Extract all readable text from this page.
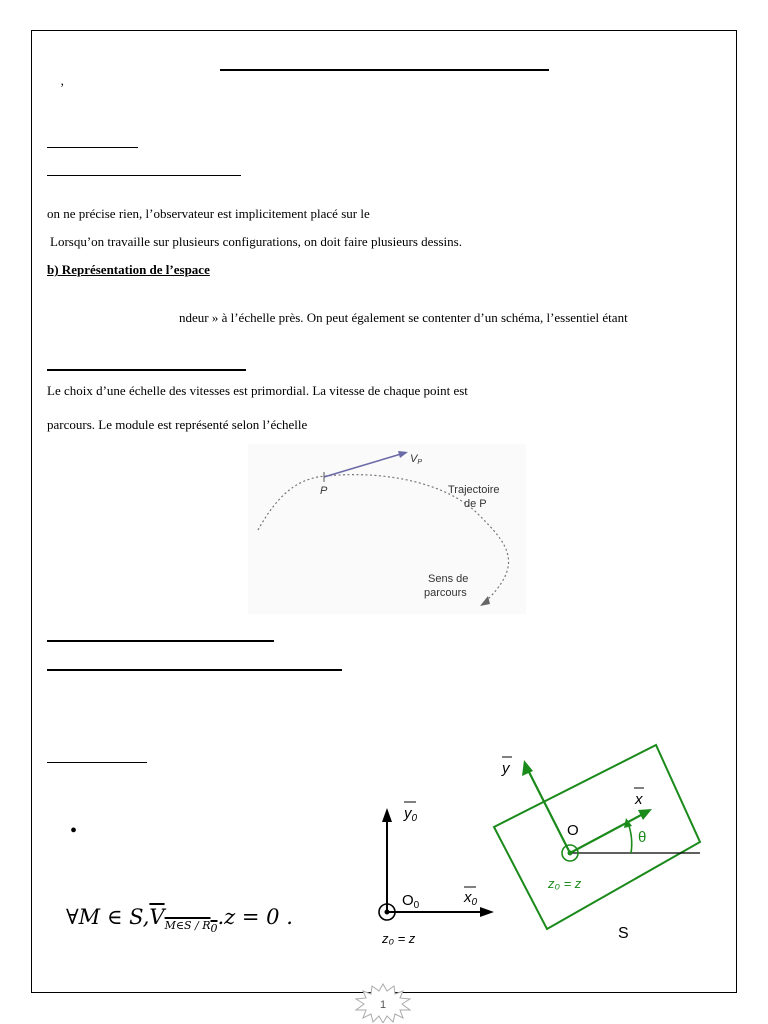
’
on ne précise rien, l’observateur est implicitement placé sur le
Lorsqu’on travaille sur plusieurs configurations, on doit faire plusieurs dessins.
b) Représentation de l’espace
ndeur » à l’échelle près. On peut également se contenter d’un schéma, l’essentiel étant
Le choix d’une échelle des vitesses est primordial. La vitesse de chaque point est
parcours. Le module est représenté selon l’échelle
VP
P	Trajectoire
de P
Sens de
parcours
•
∀M ∈ S, $V_{M\in S / R_0}.z = 0$ .
$y_0$
$x_0$
$O_0$
z₀ = z
y
x
O	θ
z₀ = z
S
1
